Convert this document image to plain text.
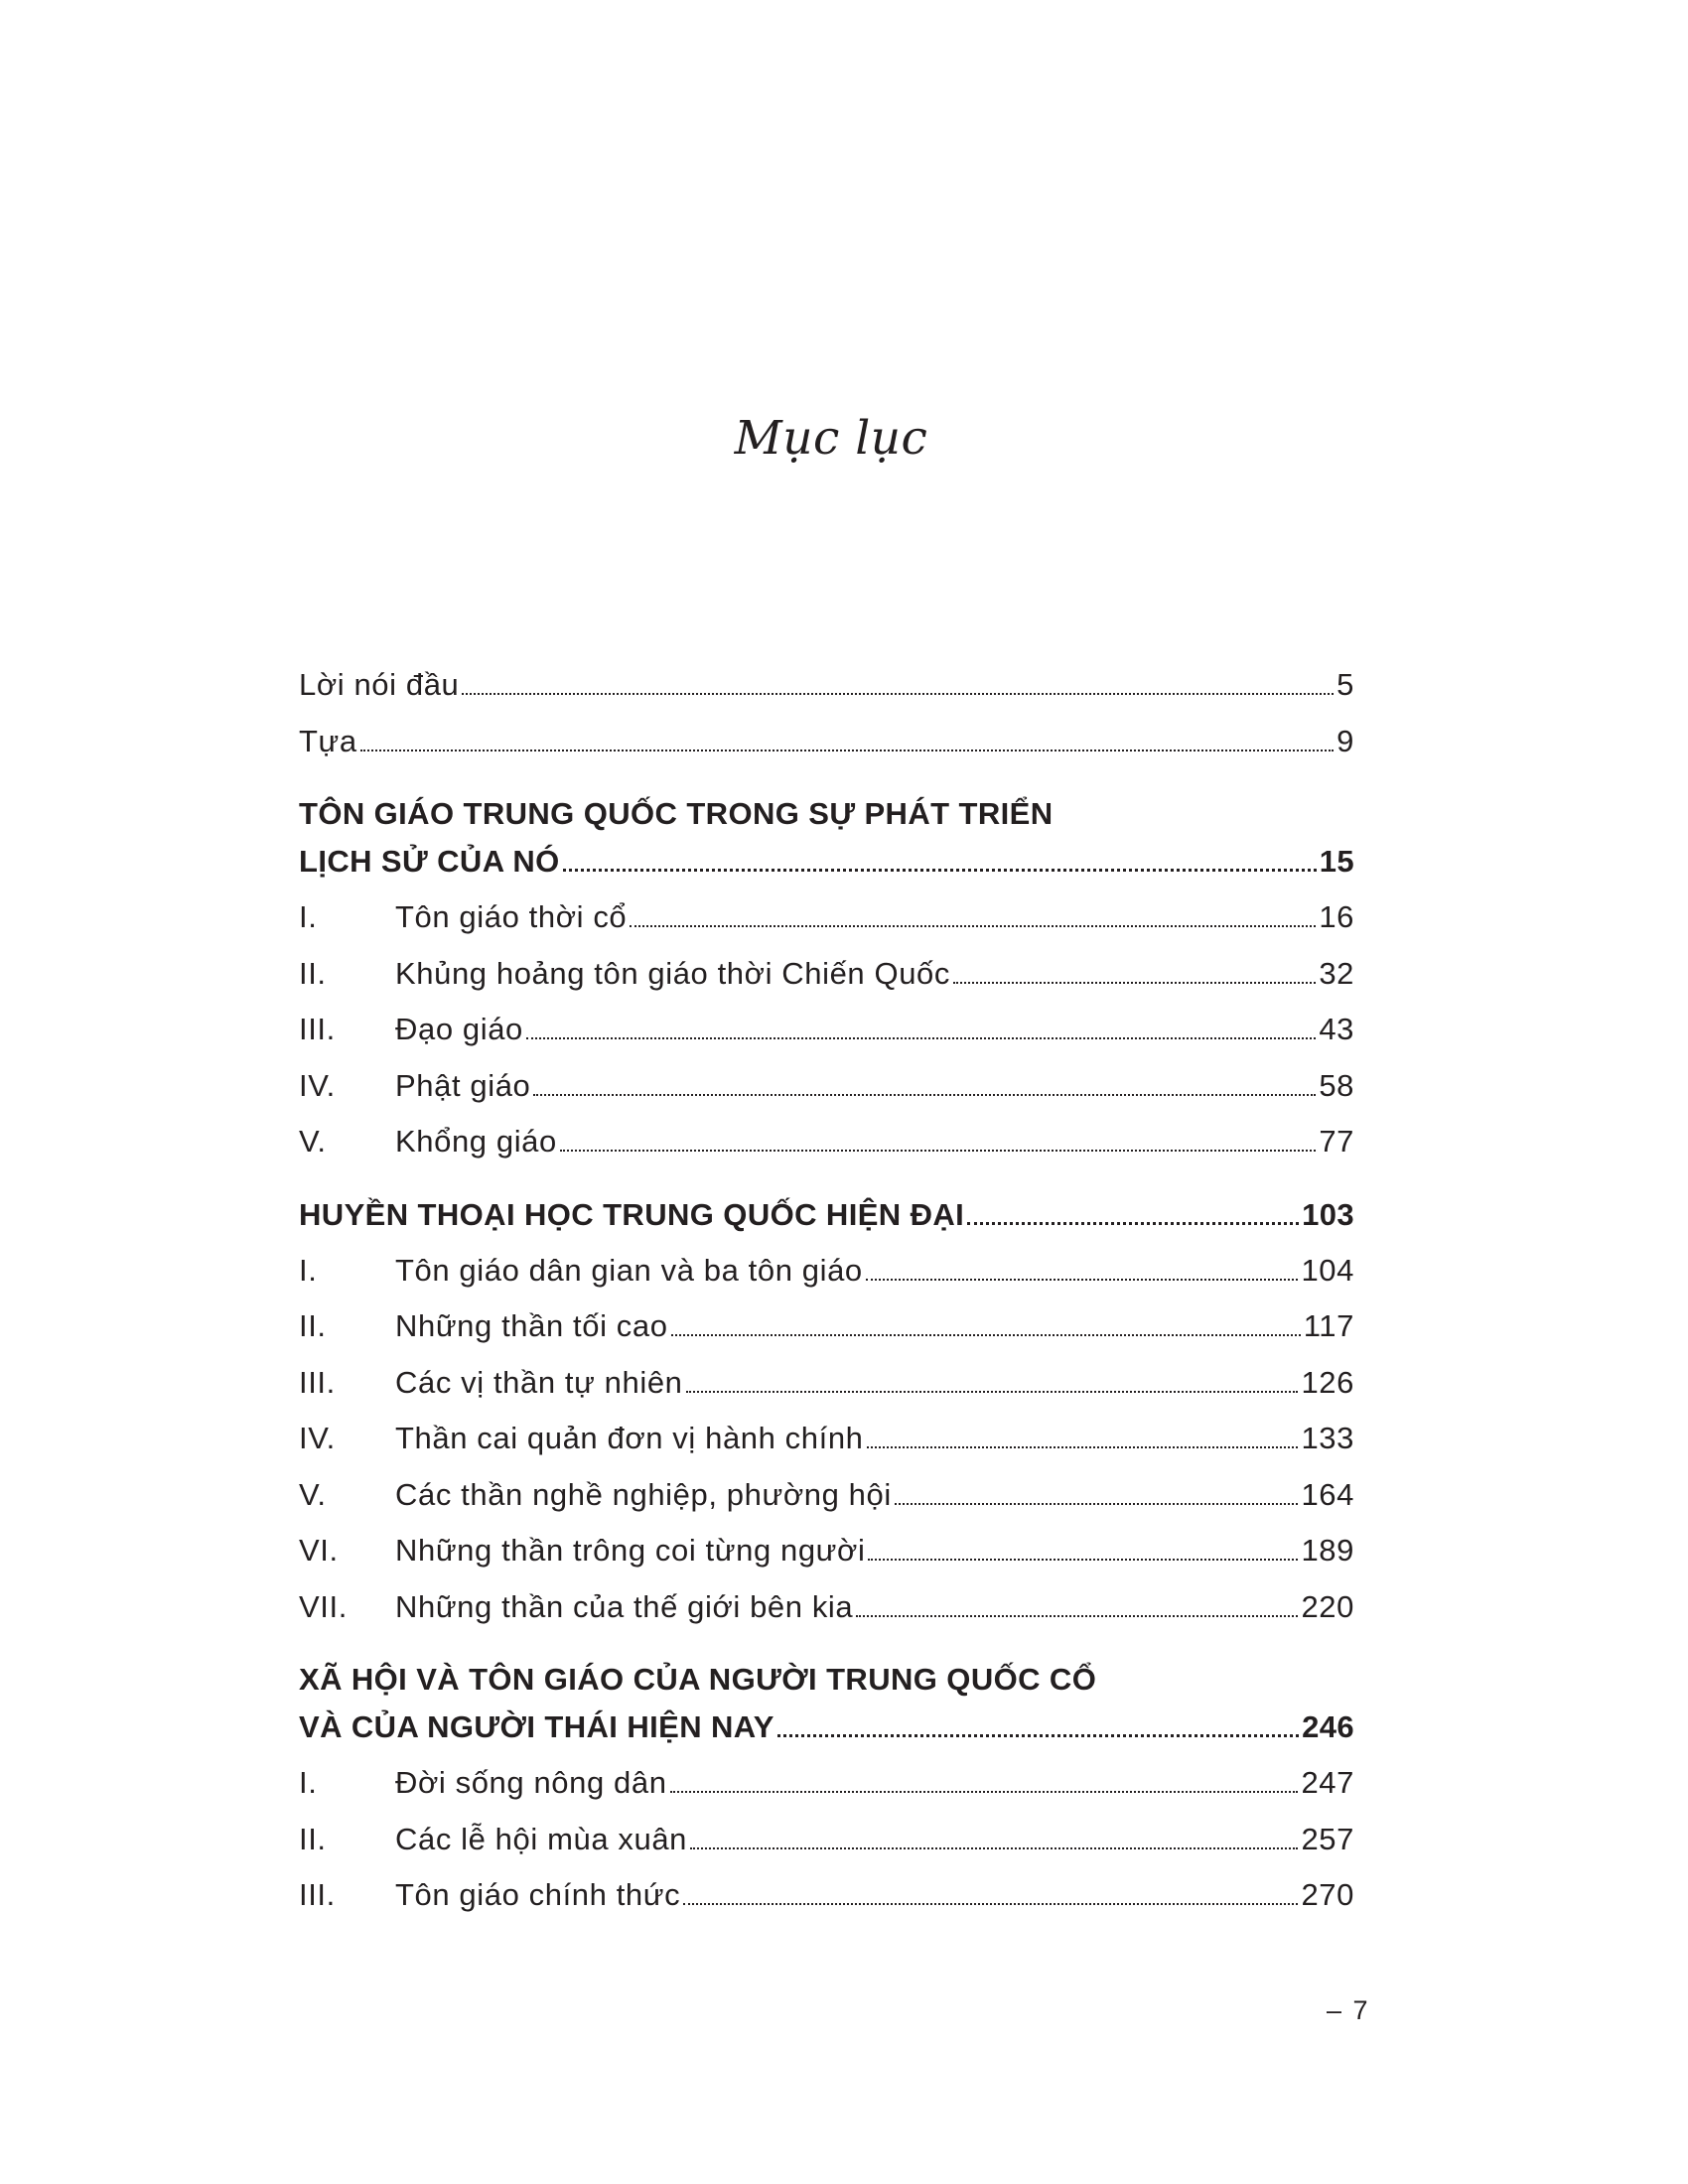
Mục lục
Lời nói đầu	5
Tựa	9
TÔN GIÁO TRUNG QUỐC TRONG SỰ PHÁT TRIỂN
LỊCH SỬ CỦA NÓ	15
I.	Tôn giáo thời cổ	16
II.	Khủng hoảng tôn giáo thời Chiến Quốc	32
III.	Đạo giáo	43
IV.	Phật giáo	58
V.	Khổng giáo	77
HUYỀN THOẠI HỌC TRUNG QUỐC HIỆN ĐẠI	103
I.	Tôn giáo dân gian và ba tôn giáo	104
II.	Những thần tối cao	117
III.	Các vị thần tự nhiên	126
IV.	Thần cai quản đơn vị hành chính	133
V.	Các thần nghề nghiệp, phường hội	164
VI.	Những thần trông coi từng người	189
VII.	Những thần của thế giới bên kia	220
XÃ HỘI VÀ TÔN GIÁO CỦA NGƯỜI TRUNG QUỐC CỔ
VÀ CỦA NGƯỜI THÁI HIỆN NAY	246
I.	Đời sống nông dân	247
II.	Các lễ hội mùa xuân	257
III.	Tôn giáo chính thức	270
– 7
